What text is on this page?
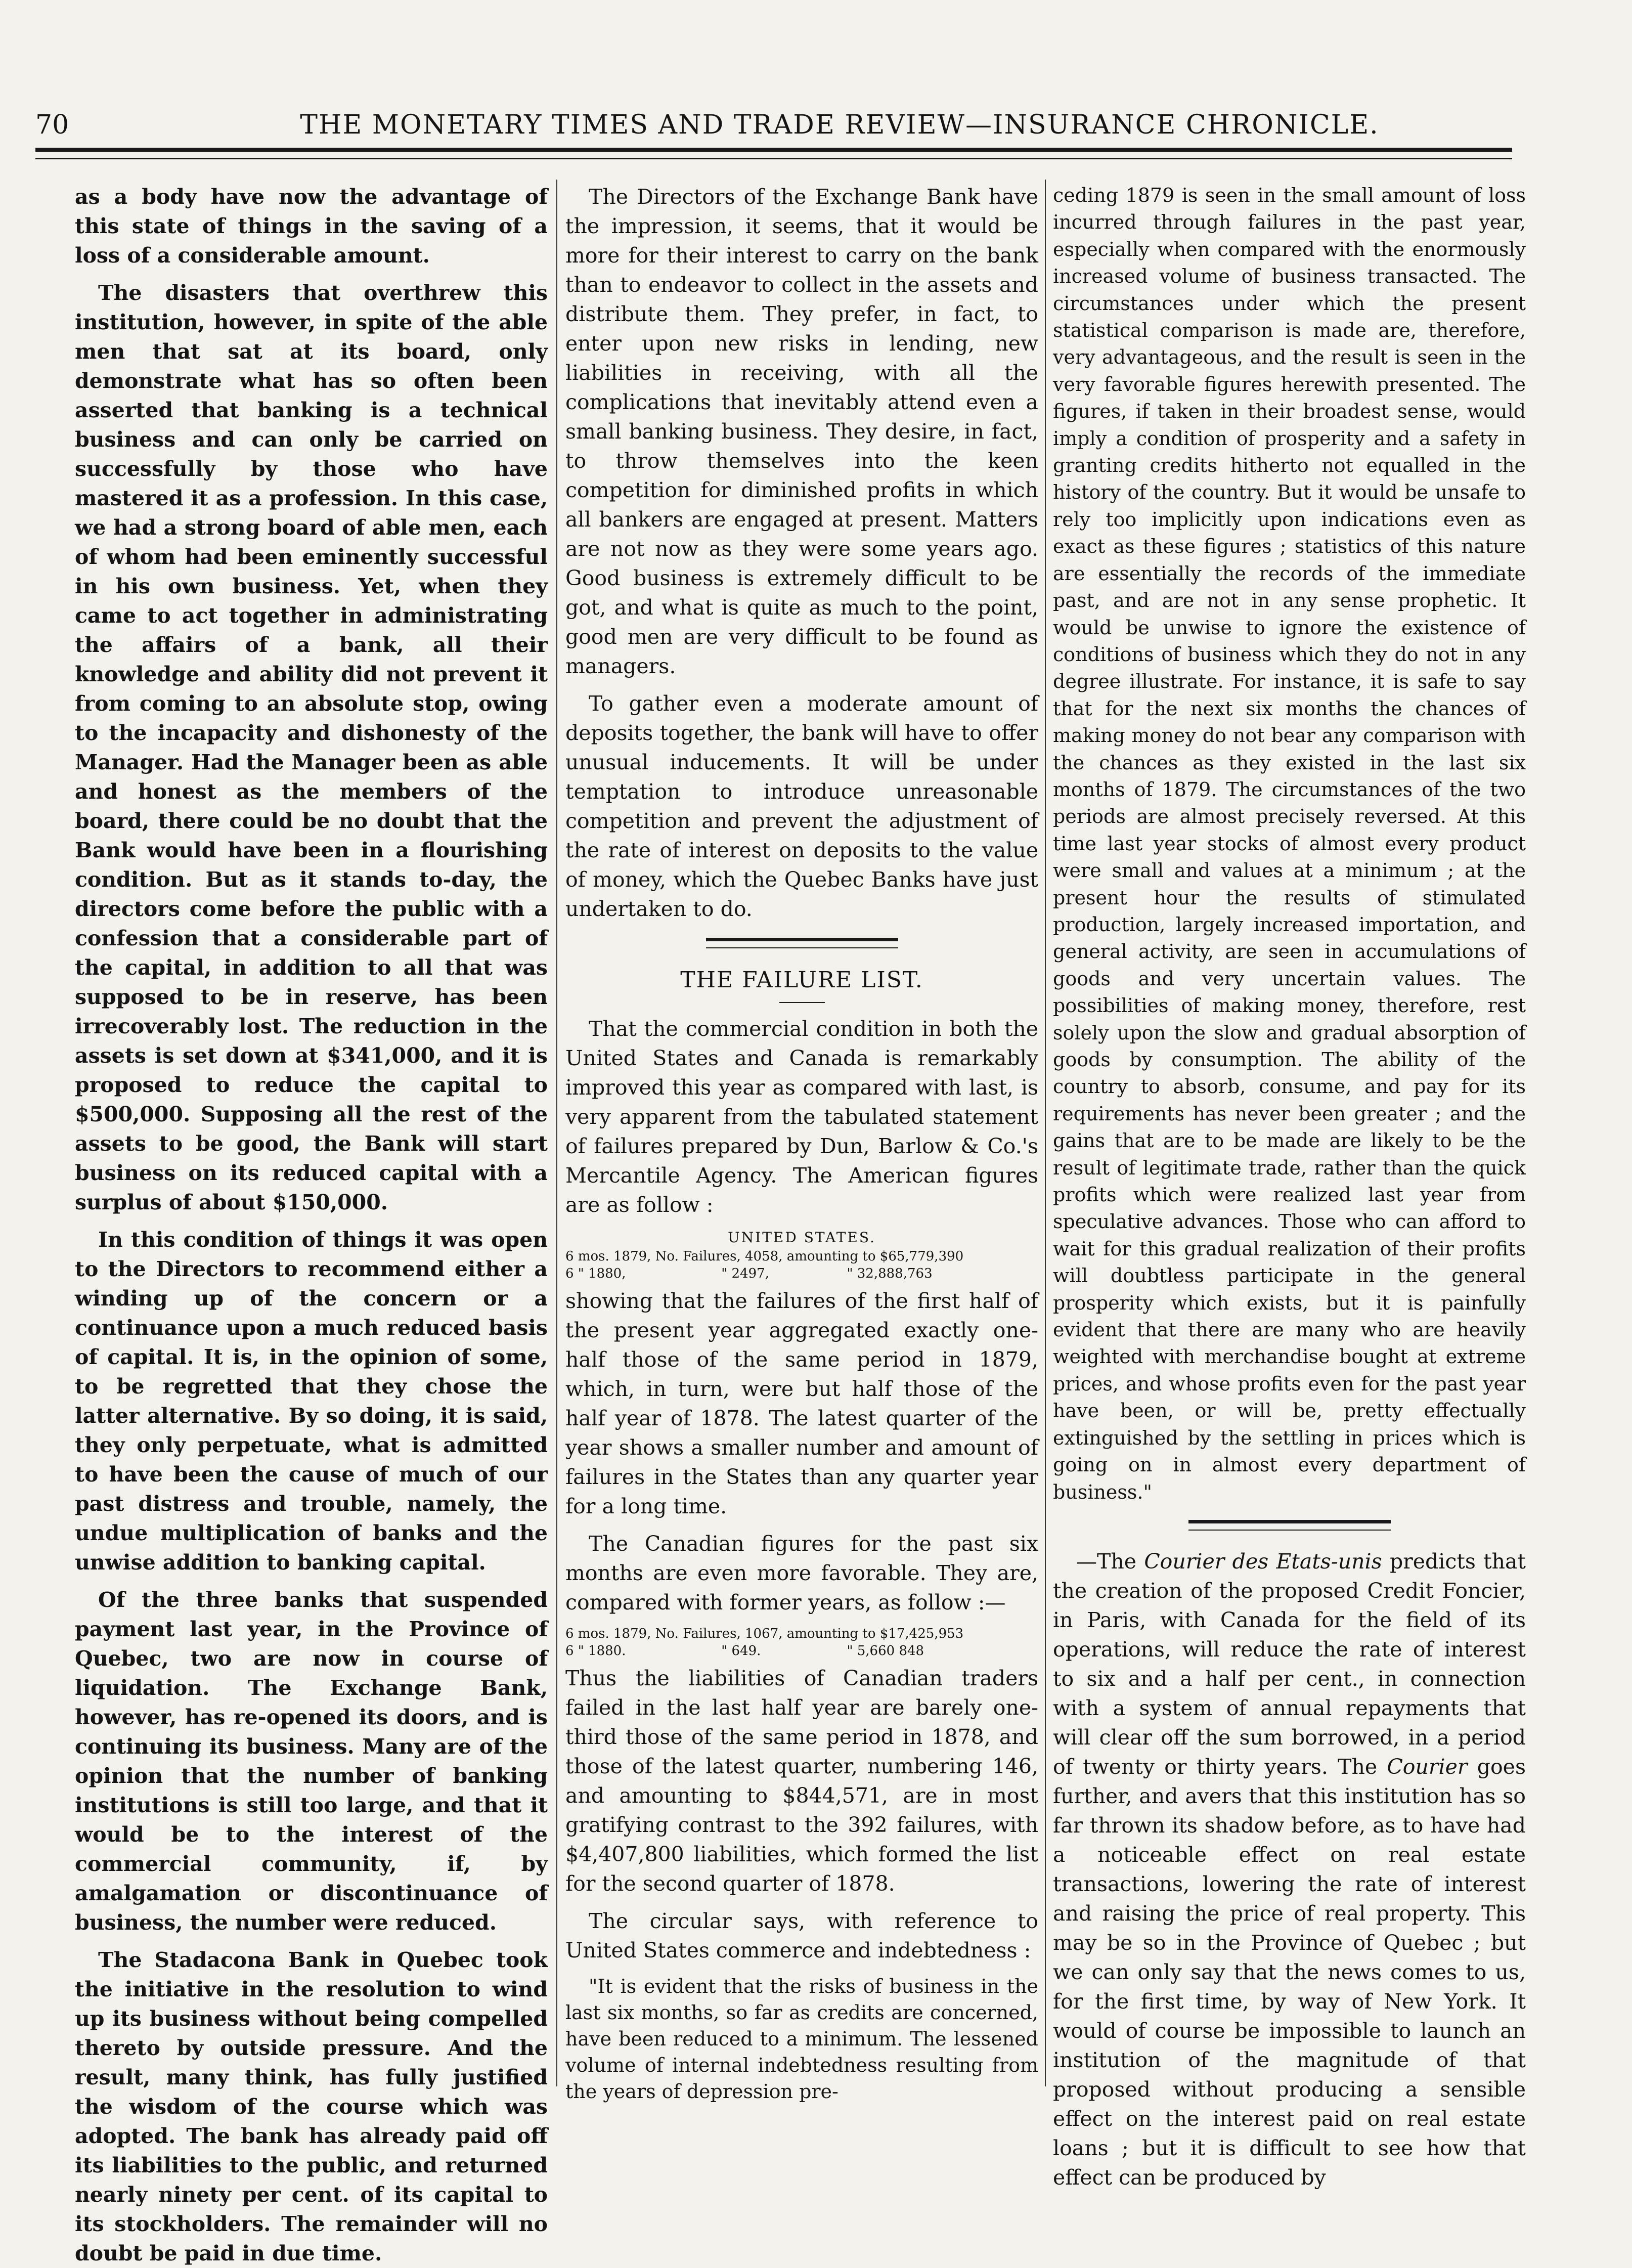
70	THE MONETARY TIMES AND TRADE REVIEW—INSURANCE CHRONICLE.

as a body have now the advantage of this state of things in the saving of a loss of a considerable amount.

The disasters that overthrew this institution, however, in spite of the able men that sat at its board, only demonstrate what has so often been asserted that banking is a technical business and can only be carried on successfully by those who have mastered it as a profession. In this case, we had a strong board of able men, each of whom had been eminently successful in his own business. Yet, when they came to act together in administrating the affairs of a bank, all their knowledge and ability did not prevent it from coming to an absolute stop, owing to the incapacity and dishonesty of the Manager. Had the Manager been as able and honest as the members of the board, there could be no doubt that the Bank would have been in a flourishing condition. But as it stands to-day, the directors come before the public with a confession that a considerable part of the capital, in addition to all that was supposed to be in reserve, has been irrecoverably lost. The reduction in the assets is set down at $341,000, and it is proposed to reduce the capital to $500,000. Supposing all the rest of the assets to be good, the Bank will start business on its reduced capital with a surplus of about $150,000.

In this condition of things it was open to the Directors to recommend either a winding up of the concern or a continuance upon a much reduced basis of capital. It is, in the opinion of some, to be regretted that they chose the latter alternative. By so doing, it is said, they only perpetuate, what is admitted to have been the cause of much of our past distress and trouble, namely, the undue multiplication of banks and the unwise addition to banking capital.

Of the three banks that suspended payment last year, in the Province of Quebec, two are now in course of liquidation. The Exchange Bank, however, has re-opened its doors, and is continuing its business. Many are of the opinion that the number of banking institutions is still too large, and that it would be to the interest of the commercial community, if, by amalgamation or discontinuance of business, the number were reduced.

The Stadacona Bank in Quebec took the initiative in the resolution to wind up its business without being compelled thereto by outside pressure. And the result, many think, has fully justified the wisdom of the course which was adopted. The bank has already paid off its liabilities to the public, and returned nearly ninety per cent. of its capital to its stockholders. The remainder will no doubt be paid in due time.

The Directors of the Exchange Bank have the impression, it seems, that it would be more for their interest to carry on the bank than to endeavor to collect in the assets and distribute them. They prefer, in fact, to enter upon new risks in lending, new liabilities in receiving, with all the complications that inevitably attend even a small banking business. They desire, in fact, to throw themselves into the keen competition for diminished profits in which all bankers are engaged at present. Matters are not now as they were some years ago. Good business is extremely difficult to be got, and what is quite as much to the point, good men are very difficult to be found as managers.

To gather even a moderate amount of deposits together, the bank will have to offer unusual inducements. It will be under temptation to introduce unreasonable competition and prevent the adjustment of the rate of interest on deposits to the value of money, which the Quebec Banks have just undertaken to do.

THE FAILURE LIST.

That the commercial condition in both the United States and Canada is remarkably improved this year as compared with last, is very apparent from the tabulated statement of failures prepared by Dun, Barlow & Co.'s Mercantile Agency. The American figures are as follow :

UNITED STATES.
6 mos. 1879, No. Failures, 4058, amounting to $65,779,390
6 " 1880,	" 2497,	" 32,888,763

showing that the failures of the first half of the present year aggregated exactly one-half those of the same period in 1879, which, in turn, were but half those of the half year of 1878. The latest quarter of the year shows a smaller number and amount of failures in the States than any quarter year for a long time.

The Canadian figures for the past six months are even more favorable. They are, compared with former years, as follow :—

6 mos. 1879, No. Failures, 1067, amounting to $17,425,953
6 " 1880.	" 649.	" 5,660 848

Thus the liabilities of Canadian traders failed in the last half year are barely one-third those of the same period in 1878, and those of the latest quarter, numbering 146, and amounting to $844,571, are in most gratifying contrast to the 392 failures, with $4,407,800 liabilities, which formed the list for the second quarter of 1878.

The circular says, with reference to United States commerce and indebtedness :

"It is evident that the risks of business in the last six months, so far as credits are concerned, have been reduced to a minimum. The lessened volume of internal indebtedness resulting from the years of depression pre-

ceding 1879 is seen in the small amount of loss incurred through failures in the past year, especially when compared with the enormously increased volume of business transacted. The circumstances under which the present statistical comparison is made are, therefore, very advantageous, and the result is seen in the very favorable figures herewith presented. The figures, if taken in their broadest sense, would imply a condition of prosperity and a safety in granting credits hitherto not equalled in the history of the country. But it would be unsafe to rely too implicitly upon indications even as exact as these figures ; statistics of this nature are essentially the records of the immediate past, and are not in any sense prophetic. It would be unwise to ignore the existence of conditions of business which they do not in any degree illustrate. For instance, it is safe to say that for the next six months the chances of making money do not bear any comparison with the chances as they existed in the last six months of 1879. The circumstances of the two periods are almost precisely reversed. At this time last year stocks of almost every product were small and values at a minimum ; at the present hour the results of stimulated production, largely increased importation, and general activity, are seen in accumulations of goods and very uncertain values. The possibilities of making money, therefore, rest solely upon the slow and gradual absorption of goods by consumption. The ability of the country to absorb, consume, and pay for its requirements has never been greater ; and the gains that are to be made are likely to be the result of legitimate trade, rather than the quick profits which were realized last year from speculative advances. Those who can afford to wait for this gradual realization of their profits will doubtless participate in the general prosperity which exists, but it is painfully evident that there are many who are heavily weighted with merchandise bought at extreme prices, and whose profits even for the past year have been, or will be, pretty effectually extinguished by the settling in prices which is going on in almost every department of business."

—The Courier des Etats-unis predicts that the creation of the proposed Credit Foncier, in Paris, with Canada for the field of its operations, will reduce the rate of interest to six and a half per cent., in connection with a system of annual repayments that will clear off the sum borrowed, in a period of twenty or thirty years. The Courier goes further, and avers that this institution has so far thrown its shadow before, as to have had a noticeable effect on real estate transactions, lowering the rate of interest and raising the price of real property. This may be so in the Province of Quebec ; but we can only say that the news comes to us, for the first time, by way of New York. It would of course be impossible to launch an institution of the magnitude of that proposed without producing a sensible effect on the interest paid on real estate loans ; but it is difficult to see how that effect can be produced by
